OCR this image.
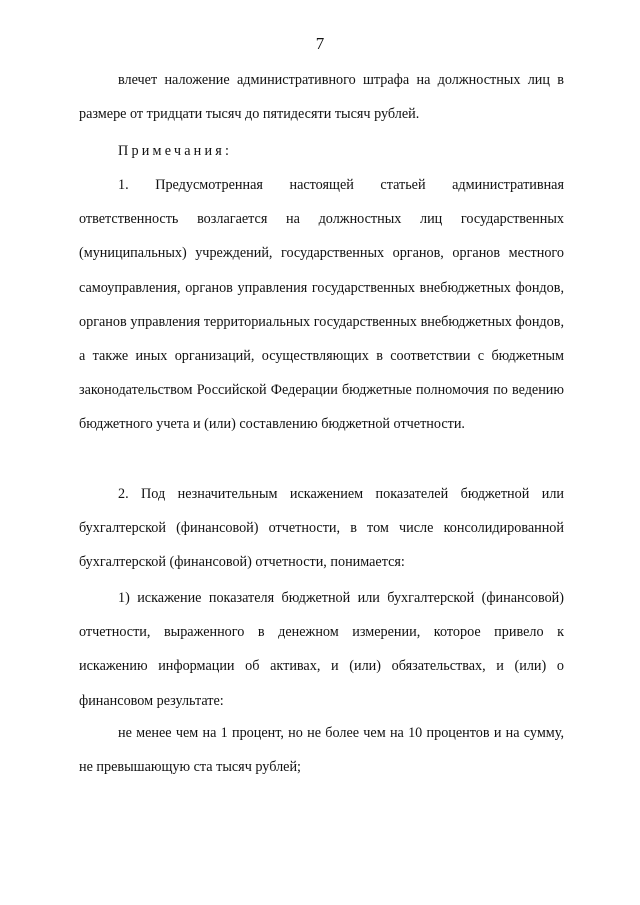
7

влечет наложение административного штрафа на должностных лиц в размере от тридцати тысяч до пятидесяти тысяч рублей.

Примечания:

1. Предусмотренная настоящей статьей административная ответственность возлагается на должностных лиц государственных (муниципальных) учреждений, государственных органов, органов местного самоуправления, органов управления государственных внебюджетных фондов, органов управления территориальных государственных внебюджетных фондов, а также иных организаций, осуществляющих в соответствии с бюджетным законодательством Российской Федерации бюджетные полномочия по ведению бюджетного учета и (или) составлению бюджетной отчетности.

2. Под незначительным искажением показателей бюджетной или бухгалтерской (финансовой) отчетности, в том числе консолидированной бухгалтерской (финансовой) отчетности, понимается:

1) искажение показателя бюджетной или бухгалтерской (финансовой) отчетности, выраженного в денежном измерении, которое привело к искажению информации об активах, и (или) обязательствах, и (или) о финансовом результате:

не менее чем на 1 процент, но не более чем на 10 процентов и на сумму, не превышающую ста тысяч рублей;
